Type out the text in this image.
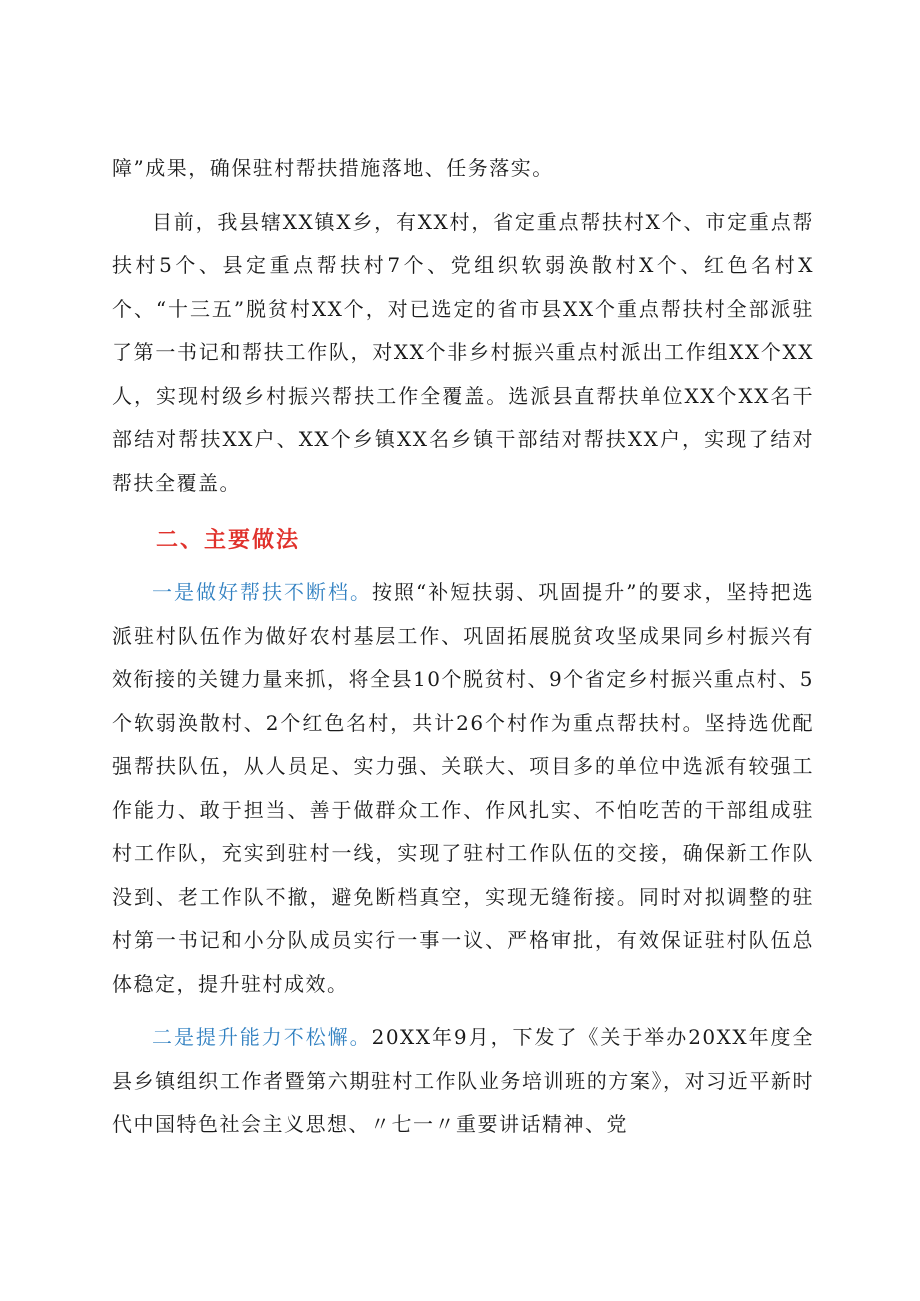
障”成果，确保驻村帮扶措施落地、任务落实。

目前，我县辖XX镇X乡，有XX村，省定重点帮扶村X个、市定重点帮扶村5个、县定重点帮扶村7个、党组织软弱涣散村X个、红色名村X个、“十三五”脱贫村XX个，对已选定的省市县XX个重点帮扶村全部派驻了第一书记和帮扶工作队，对XX个非乡村振兴重点村派出工作组XX个XX人，实现村级乡村振兴帮扶工作全覆盖。选派县直帮扶单位XX个XX名干部结对帮扶XX户、XX个乡镇XX名乡镇干部结对帮扶XX户，实现了结对帮扶全覆盖。

二、主要做法

一是做好帮扶不断档。按照“补短扶弱、巩固提升”的要求，坚持把选派驻村队伍作为做好农村基层工作、巩固拓展脱贫攻坚成果同乡村振兴有效衔接的关键力量来抓，将全县10个脱贫村、9个省定乡村振兴重点村、5个软弱涣散村、2个红色名村，共计26个村作为重点帮扶村。坚持选优配强帮扶队伍，从人员足、实力强、关联大、项目多的单位中选派有较强工作能力、敢于担当、善于做群众工作、作风扎实、不怕吃苦的干部组成驻村工作队，充实到驻村一线，实现了驻村工作队伍的交接，确保新工作队没到、老工作队不撤，避免断档真空，实现无缝衔接。同时对拟调整的驻村第一书记和小分队成员实行一事一议、严格审批，有效保证驻村队伍总体稳定，提升驻村成效。

二是提升能力不松懈。20XX年9月，下发了《关于举办20XX年度全县乡镇组织工作者暨第六期驻村工作队业务培训班的方案》，对习近平新时代中国特色社会主义思想、〃七一〃重要讲话精神、党
